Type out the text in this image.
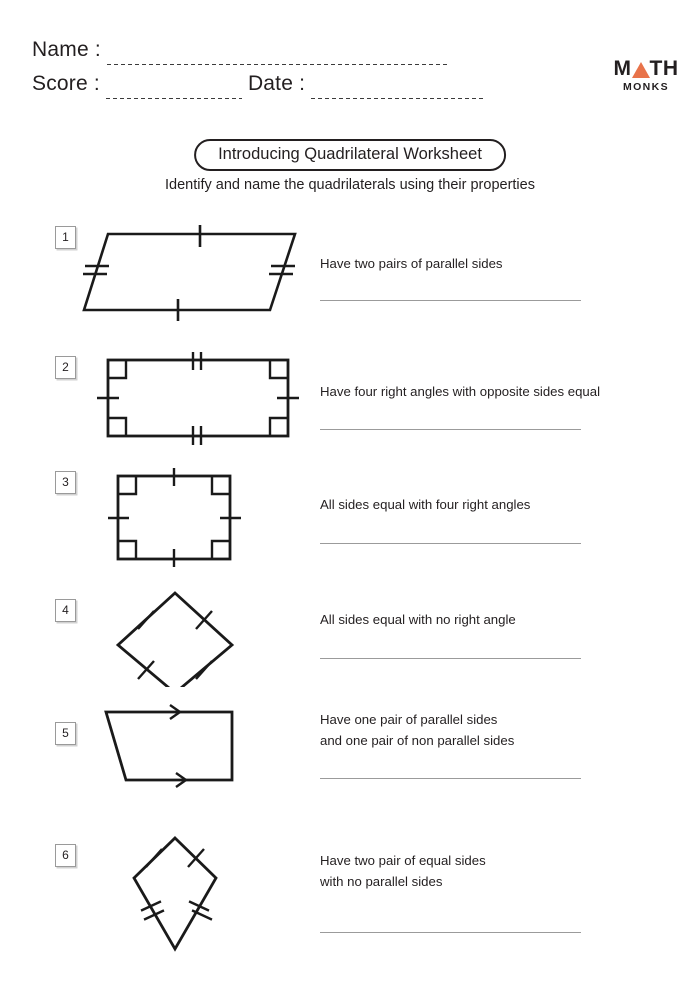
Name :
Score :	Date :
M TH
MONKS
Introducing Quadrilateral Worksheet
Identify and name the quadrilaterals using their properties
1
Have two pairs of parallel sides
2
Have four right angles with opposite sides equal
3
All sides equal with four right angles
4
All sides equal with no right angle
5
Have one pair of parallel sides
and one pair of non parallel sides
6	Have two pair of equal sides
with no parallel sides
